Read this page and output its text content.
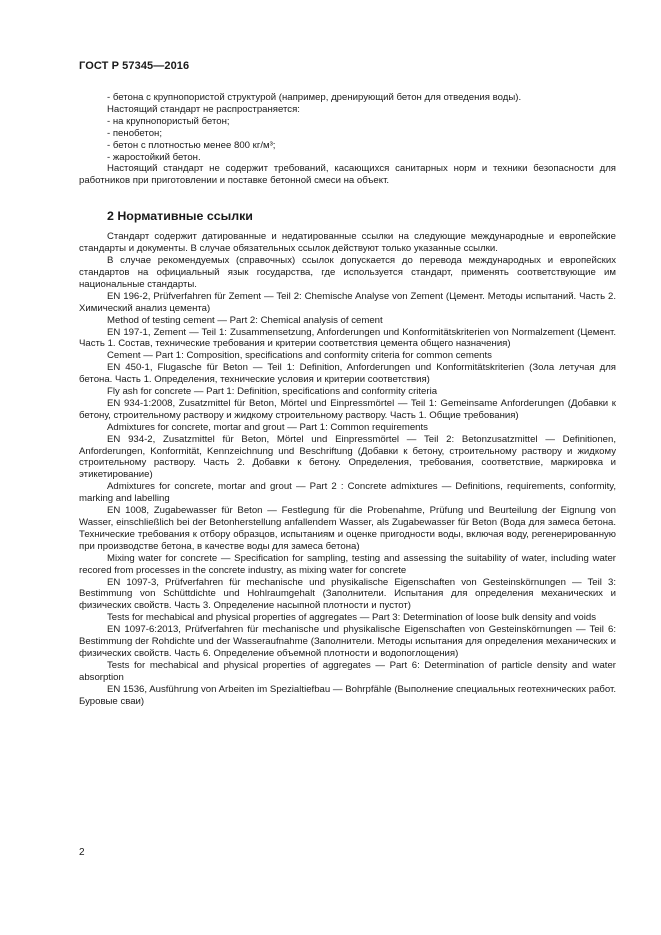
ГОСТ Р 57345—2016

- бетона с крупнопористой структурой (например, дренирующий бетон для отведения воды).

Настоящий стандарт не распространяется:

- на крупнопористый бетон;

- пенобетон;

- бетон с плотностью менее 800 кг/м³;

- жаростойкий бетон.

Настоящий стандарт не содержит требований, касающихся санитарных норм и техники безопасности для работников при приготовлении и поставке бетонной смеси на объект.

2 Нормативные ссылки

Стандарт содержит датированные и недатированные ссылки на следующие международные и европейские стандарты и документы. В случае обязательных ссылок действуют только указанные ссылки.

В случае рекомендуемых (справочных) ссылок допускается до перевода международных и европейских стандартов на официальный язык государства, где используется стандарт, применять соответствующие им национальные стандарты.

EN 196-2, Prüfverfahren für Zement — Teil 2: Chemische Analyse von Zement (Цемент. Методы испытаний. Часть 2. Химический анализ цемента)

Method of testing cement — Part 2: Chemical analysis of cement

EN 197-1, Zement — Teil 1: Zusammensetzung, Anforderungen und Konformitätskriterien von Normalzement (Цемент. Часть 1. Состав, технические требования и критерии соответствия цемента общего назначения)

Cement — Part 1: Composition, specifications and conformity criteria for common cements

EN 450-1, Flugasche für Beton — Teil 1: Definition, Anforderungen und Konformitätskriterien (Зола летучая для бетона. Часть 1. Определения, технические условия и критерии соответствия)

Fly ash for concrete — Part 1: Definition, specifications and conformity criteria

EN 934-1:2008, Zusatzmittel für Beton, Mörtel und Einpressmörtel — Teil 1: Gemeinsame Anforderungen (Добавки к бетону, строительному раствору и жидкому строительному раствору. Часть 1. Общие требования)

Admixtures for concrete, mortar and grout — Part 1: Common requirements

EN 934-2, Zusatzmittel für Beton, Mörtel und Einpressmörtel — Teil 2: Betonzusatzmittel — Definitionen, Anforderungen, Konformität, Kennzeichnung und Beschriftung (Добавки к бетону, строительному раствору и жидкому строительному раствору. Часть 2. Добавки к бетону. Определения, требования, соответствие, маркировка и этикетирование)

Admixtures for concrete, mortar and grout — Part 2 : Concrete admixtures — Definitions, requirements, conformity, marking and labelling

EN 1008, Zugabewasser für Beton — Festlegung für die Probenahme, Prüfung und Beurteilung der Eignung von Wasser, einschließlich bei der Betonherstellung anfallendem Wasser, als Zugabewasser für Beton (Вода для замеса бетона. Технические требования к отбору образцов, испытаниям и оценке пригодности воды, включая воду, регенерированную при производстве бетона, в качестве воды для замеса бетона)

Mixing water for concrete — Specification for sampling, testing and assessing the suitability of water, including water recored from processes in the concrete industry, as mixing water for concrete

EN 1097-3, Prüfverfahren für mechanische und physikalische Eigenschaften von Gesteinskörnungen — Teil 3: Bestimmung von Schüttdichte und Hohlraumgehalt (Заполнители. Испытания для определения механических и физических свойств. Часть 3. Определение насыпной плотности и пустот)

Tests for mechabical and physical properties of aggregates — Part 3: Determination of loose bulk density and voids

EN 1097-6:2013, Prüfverfahren für mechanische und physikalische Eigenschaften von Gesteinskörnungen — Teil 6: Bestimmung der Rohdichte und der Wasseraufnahme (Заполнители. Методы испытания для определения механических и физических свойств. Часть 6. Определение объемной плотности и водопоглощения)

Tests for mechabical and physical properties of aggregates — Part 6: Determination of particle density and water absorption

EN 1536, Ausführung von Arbeiten im Spezialtiefbau — Bohrpfähle (Выполнение специальных геотехнических работ. Буровые сваи)

2
